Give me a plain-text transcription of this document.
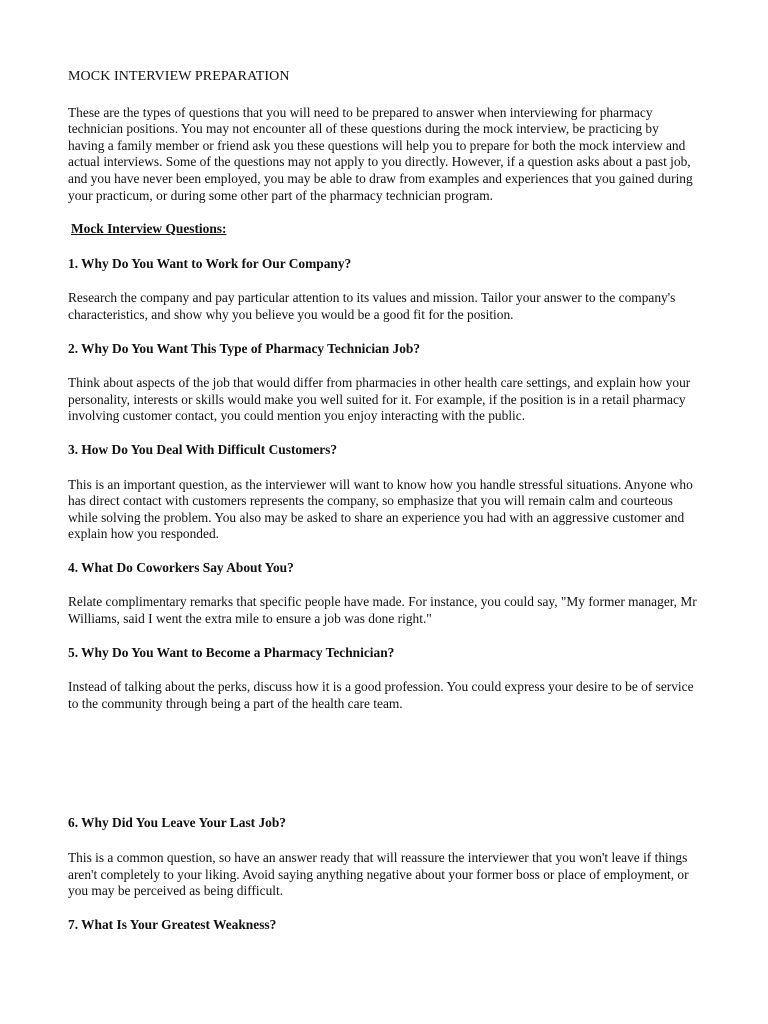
MOCK INTERVIEW PREPARATION

These are the types of questions that you will need to be prepared to answer when interviewing for pharmacy technician positions. You may not encounter all of these questions during the mock interview, be practicing by having a family member or friend ask you these questions will help you to prepare for both the mock interview and actual interviews. Some of the questions may not apply to you directly. However, if a question asks about a past job, and you have never been employed, you may be able to draw from examples and experiences that you gained during your practicum, or during some other part of the pharmacy technician program.

Mock Interview Questions:
1. Why Do You Want to Work for Our Company?

Research the company and pay particular attention to its values and mission. Tailor your answer to the company's characteristics, and show why you believe you would be a good fit for the position.

2. Why Do You Want This Type of Pharmacy Technician Job?

Think about aspects of the job that would differ from pharmacies in other health care settings, and explain how your personality, interests or skills would make you well suited for it. For example, if the position is in a retail pharmacy involving customer contact, you could mention you enjoy interacting with the public.

3. How Do You Deal With Difficult Customers?

This is an important question, as the interviewer will want to know how you handle stressful situations. Anyone who has direct contact with customers represents the company, so emphasize that you will remain calm and courteous while solving the problem. You also may be asked to share an experience you had with an aggressive customer and explain how you responded.

4. What Do Coworkers Say About You?

Relate complimentary remarks that specific people have made. For instance, you could say, "My former manager, Mr Williams, said I went the extra mile to ensure a job was done right."

5. Why Do You Want to Become a Pharmacy Technician?

Instead of talking about the perks, discuss how it is a good profession. You could express your desire to be of service to the community through being a part of the health care team.

6. Why Did You Leave Your Last Job?

This is a common question, so have an answer ready that will reassure the interviewer that you won't leave if things aren't completely to your liking. Avoid saying anything negative about your former boss or place of employment, or you may be perceived as being difficult.

7. What Is Your Greatest Weakness?
